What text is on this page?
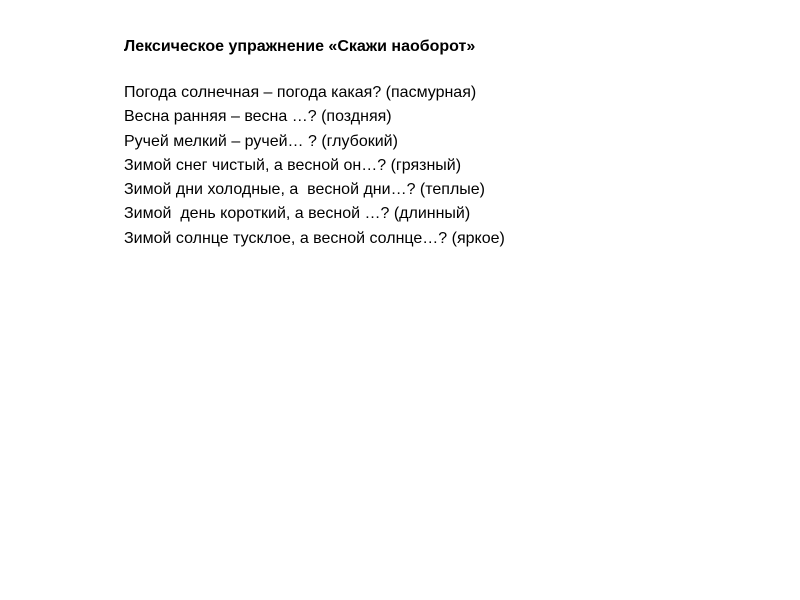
Лексическое упражнение «Скажи наоборот»
Погода солнечная – погода какая? (пасмурная)
Весна ранняя – весна …? (поздняя)
Ручей мелкий – ручей… ? (глубокий)
Зимой снег чистый, а весной он…? (грязный)
Зимой дни холодные, а  весной дни…? (теплые)
Зимой  день короткий, а весной …? (длинный)
Зимой солнце тусклое, а весной солнце…? (яркое)
